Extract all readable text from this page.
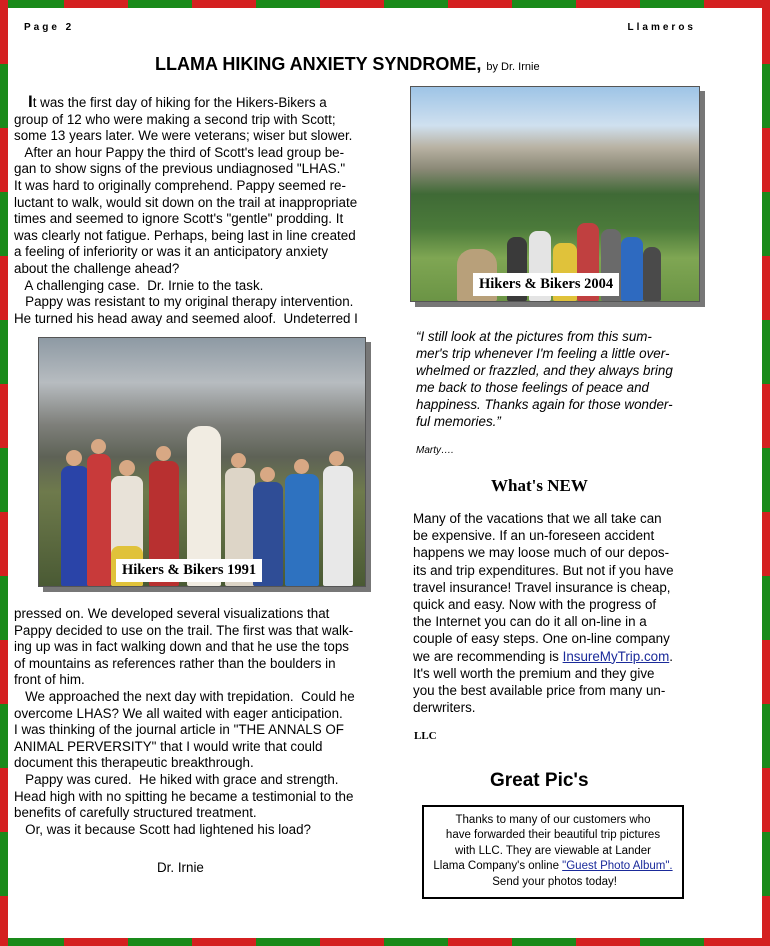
Page 2	Llameros
LLAMA HIKING ANXIETY SYNDROME, by Dr. Irnie
It was the first day of hiking for the Hikers-Bikers a
group of 12 who were making a second trip with Scott;
some 13 years later. We were veterans; wiser but slower.
After an hour Pappy the third of Scott's lead group be-
gan to show signs of the previous undiagnosed "LHAS."
It was hard to originally comprehend. Pappy seemed re-
luctant to walk, would sit down on the trail at inappropriate
times and seemed to ignore Scott's "gentle" prodding. It
was clearly not fatigue. Perhaps, being last in line created
a feeling of inferiority or was it an anticipatory anxiety
about the challenge ahead?
A challenging case.  Dr. Irnie to the task.
Pappy was resistant to my original therapy intervention.
He turned his head away and seemed aloof.  Undeterred I
Hikers & Bikers 1991
pressed on. We developed several visualizations that
Pappy decided to use on the trail. The first was that walk-
ing up was in fact walking down and that he use the tops
of mountains as references rather than the boulders in
front of him.
We approached the next day with trepidation.  Could he
overcome LHAS? We all waited with eager anticipation.
I was thinking of the journal article in "THE ANNALS OF
ANIMAL PERVERSITY" that I would write that could
document this therapeutic breakthrough.
Pappy was cured.  He hiked with grace and strength.
Head high with no spitting he became a testimonial to the
benefits of carefully structured treatment.
Or, was it because Scott had lightened his load?
Dr. Irnie
Hikers & Bikers 2004
“I still look at the pictures from this sum-
mer's trip whenever I'm feeling a little over-
whelmed or frazzled, and they always bring
me back to those feelings of peace and
happiness. Thanks again for those wonder-
ful memories.”
Marty….
What's NEW
Many of the vacations that we all take can
be expensive. If an un-foreseen accident
happens we may loose much of our depos-
its and trip expenditures. But not if you have
travel insurance! Travel insurance is cheap,
quick and easy. Now with the progress of
the Internet you can do it all on-line in a
couple of easy steps. One on-line company
we are recommending is InsureMyTrip.com.
It's well worth the premium and they give
you the best available price from many un-
derwriters.
LLC
Great Pic's
Thanks to many of our customers who
have forwarded their beautiful trip pictures
with LLC. They are viewable at Lander
Llama Company's online "Guest Photo Album". Send your photos today!
